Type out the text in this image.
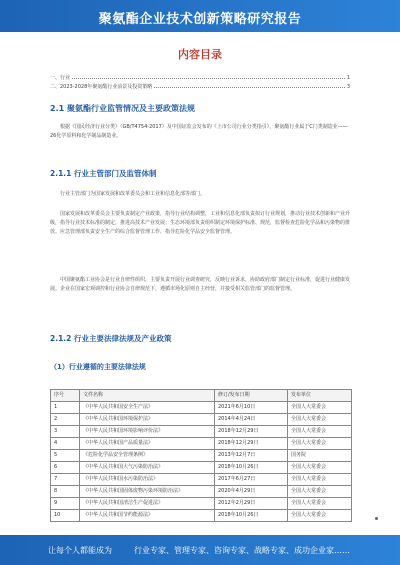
聚氨酯企业技术创新策略研究报告
内容目录
一、行业	1
二、2023-2028年聚氨酯行业前景及投资策略	3
2.1 聚氨酯行业监管情况及主要政策法规
根据《国民经济行业分类》（GB/T4754-2017）及中国证监会发布的《上市公司行业分类指引》，聚氨酯行业属于C门类制造业——26化学原料和化学制品制造业。
2.1.1 行业主管部门及监管体制
行业主管部门为国家发展和改革委员会和工业和信息化部等部门。
国家发展和改革委员会主要负责制定产业政策，指导行业结构调整，工业和信息化部负责拟订行业规划，推动行业技术创新和产业升级，指导行业技术标准的制定，推进高技术产业发展；生态环境部负责组织制定环境保护标准、规范，监督检查危险化学品和污染物的排放。应急管理部负责安全生产的综合监督管理工作，指导危险化学品安全监督管理。
中国聚氨酯工业协会是行业自律性组织，主要负责开展行业调查研究，反映行业诉求，协助政府部门制定行业标准，促进行业健康发展。企业在国家宏观调控和行业协会自律规范下，遵循市场化原则自主经营，并接受相关监管部门的监督管理。
2.1.2 行业主要法律法规及产业政策
（1）行业遵循的主要法律法规
序号	文件名称	修订/发布日期	发布单位
1	《中华人民共和国安全生产法》	2021年6月10日	全国人大常委会
2	《中华人民共和国环境保护法》	2014年4月24日	全国人大常委会
3	《中华人民共和国环境影响评价法》	2018年12月29日	全国人大常委会
4	《中华人民共和国产品质量法》	2018年12月29日	全国人大常委会
5	《危险化学品安全管理条例》	2013年12月7日	国务院
6	《中华人民共和国大气污染防治法》	2018年10月26日	全国人大常委会
7	《中华人民共和国水污染防治法》	2017年6月27日	全国人大常委会
8	《中华人民共和国固体废物污染环境防治法》	2020年4月29日	全国人大常委会
9	《中华人民共和国清洁生产促进法》	2012年2月29日	全国人大常委会
10	《中华人民共和国节约能源法》	2018年10月26日	全国人大常委会
让每个人都能成为	行业专家、管理专家、咨询专家、战略专家、成功企业家……
